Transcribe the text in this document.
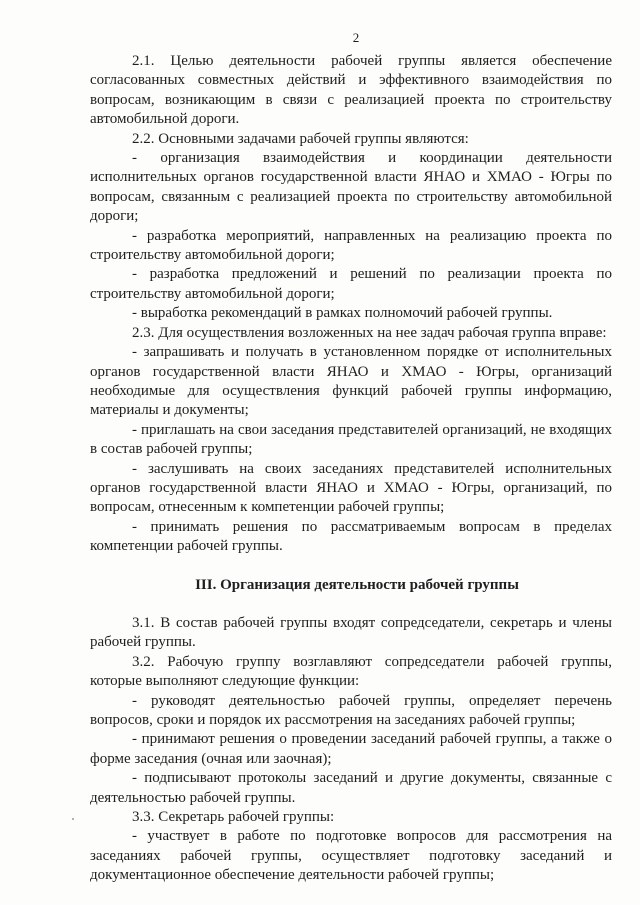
2

2.1. Целью деятельности рабочей группы является обеспечение согласованных совместных действий и эффективного взаимодействия по вопросам, возникающим в связи с реализацией проекта по строительству автомобильной дороги.

2.2. Основными задачами рабочей группы являются:

- организация взаимодействия и координации деятельности исполнительных органов государственной власти ЯНАО и ХМАО - Югры по вопросам, связанным с реализацией проекта по строительству автомобильной дороги;

- разработка мероприятий, направленных на реализацию проекта по строительству автомобильной дороги;

- разработка предложений и решений по реализации проекта по строительству автомобильной дороги;

- выработка рекомендаций в рамках полномочий рабочей группы.

2.3. Для осуществления возложенных на нее задач рабочая группа вправе:

- запрашивать и получать в установленном порядке от исполнительных органов государственной власти ЯНАО и ХМАО - Югры, организаций необходимые для осуществления функций рабочей группы информацию, материалы и документы;

- приглашать на свои заседания представителей организаций, не входящих в состав рабочей группы;

- заслушивать на своих заседаниях представителей исполнительных органов государственной власти ЯНАО и ХМАО - Югры, организаций, по вопросам, отнесенным к компетенции рабочей группы;

- принимать решения по рассматриваемым вопросам в пределах компетенции рабочей группы.

III. Организация деятельности рабочей группы

3.1. В состав рабочей группы входят сопредседатели, секретарь и члены рабочей группы.

3.2. Рабочую группу возглавляют сопредседатели рабочей группы, которые выполняют следующие функции:

- руководят деятельностью рабочей группы, определяет перечень вопросов, сроки и порядок их рассмотрения на заседаниях рабочей группы;

- принимают решения о проведении заседаний рабочей группы, а также о форме заседания (очная или заочная);

- подписывают протоколы заседаний и другие документы, связанные с деятельностью рабочей группы.

3.3. Секретарь рабочей группы:

- участвует в работе по подготовке вопросов для рассмотрения на заседаниях рабочей группы, осуществляет подготовку заседаний и документационное обеспечение деятельности рабочей группы;
